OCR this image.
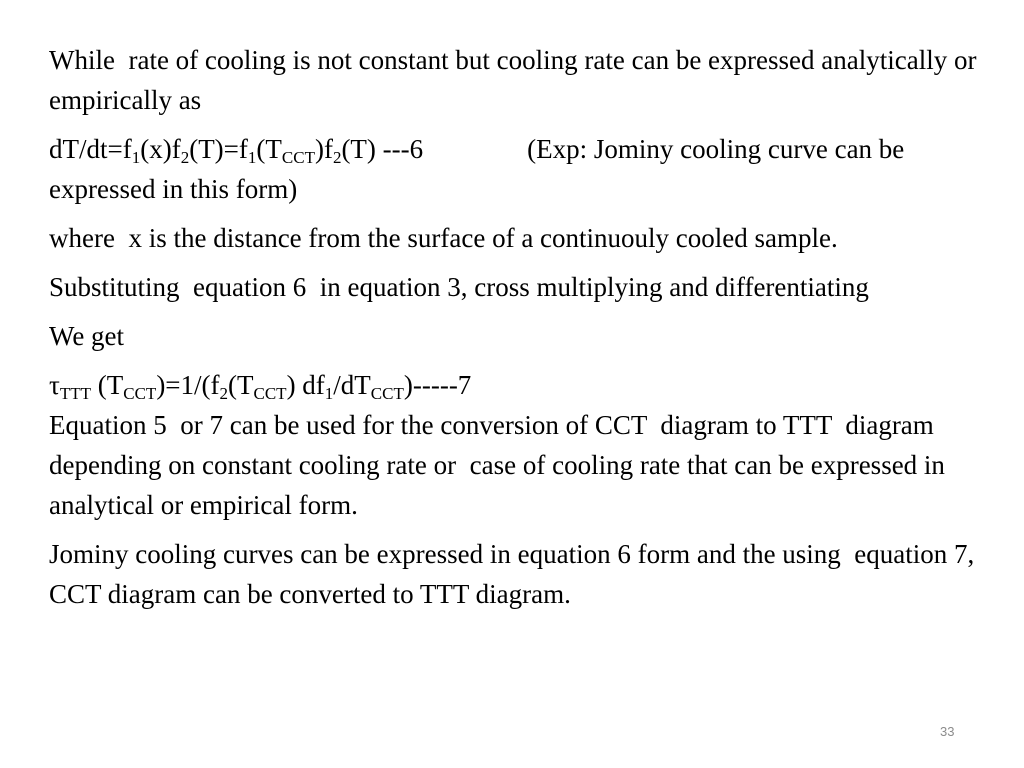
While  rate of cooling is not constant but cooling rate can be expressed analytically or empirically as

$dT/dt=f_1(x)f_2(T)=f_1(T_{CCT})f_2(T)$ ---6	(Exp: Jominy cooling curve can be expressed in this form)

where  x is the distance from the surface of a continuouly cooled sample.

Substituting  equation 6  in equation 3, cross multiplying and differentiating

We get

$\tau_{TTT}$ $(T_{CCT})=1/(f_2(T_{CCT})$ $df_1/dT_{CCT})-----7$

Equation 5  or 7 can be used for the conversion of CCT  diagram to TTT  diagram depending on constant cooling rate or  case of cooling rate that can be expressed in analytical or empirical form.

Jominy cooling curves can be expressed in equation 6 form and the using  equation 7, CCT diagram can be converted to TTT diagram.

33
